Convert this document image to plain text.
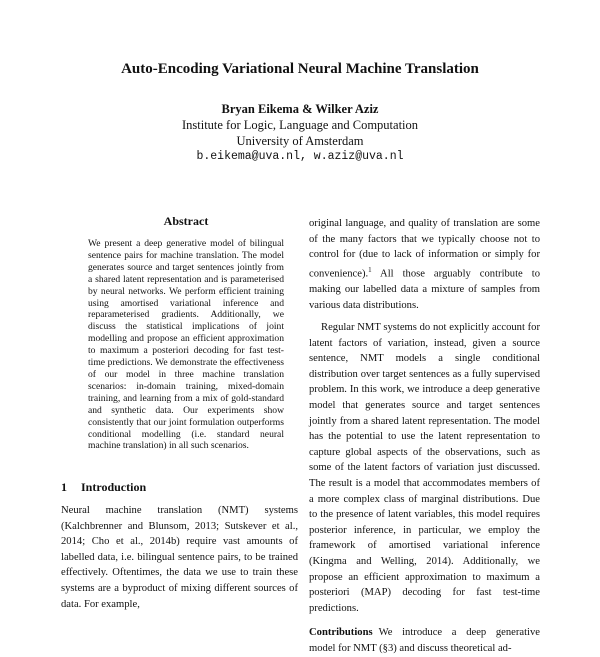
Auto-Encoding Variational Neural Machine Translation
Bryan Eikema & Wilker Aziz
Institute for Logic, Language and Computation
University of Amsterdam
b.eikema@uva.nl, w.aziz@uva.nl
Abstract

We present a deep generative model of bilingual sentence pairs for machine translation. The model generates source and target sentences jointly from a shared latent representation and is parameterised by neural networks. We perform efficient training using amortised variational inference and reparameterised gradients. Additionally, we discuss the statistical implications of joint modelling and propose an efficient approximation to maximum a posteriori decoding for fast test-time predictions. We demonstrate the effectiveness of our model in three machine translation scenarios: in-domain training, mixed-domain training, and learning from a mix of gold-standard and synthetic data. Our experiments show consistently that our joint formulation outperforms conditional modelling (i.e. standard neural machine translation) in all such scenarios.

1 Introduction

Neural machine translation (NMT) systems (Kalchbrenner and Blunsom, 2013; Sutskever et al., 2014; Cho et al., 2014b) require vast amounts of labelled data, i.e. bilingual sentence pairs, to be trained effectively. Oftentimes, the data we use to train these systems are a byproduct of mixing different sources of data. For example,

original language, and quality of translation are some of the many factors that we typically choose not to control for (due to lack of information or simply for convenience).$^1$ All those arguably contribute to making our labelled data a mixture of samples from various data distributions.

Regular NMT systems do not explicitly account for latent factors of variation, instead, given a source sentence, NMT models a single conditional distribution over target sentences as a fully supervised problem. In this work, we introduce a deep generative model that generates source and target sentences jointly from a shared latent representation. The model has the potential to use the latent representation to capture global aspects of the observations, such as some of the latent factors of variation just discussed. The result is a model that accommodates members of a more complex class of marginal distributions. Due to the presence of latent variables, this model requires posterior inference, in particular, we employ the framework of amortised variational inference (Kingma and Welling, 2014). Additionally, we propose an efficient approximation to maximum a posteriori (MAP) decoding for fast test-time predictions.

Contributions We introduce a deep generative model for NMT (§3) and discuss theoretical ad-
